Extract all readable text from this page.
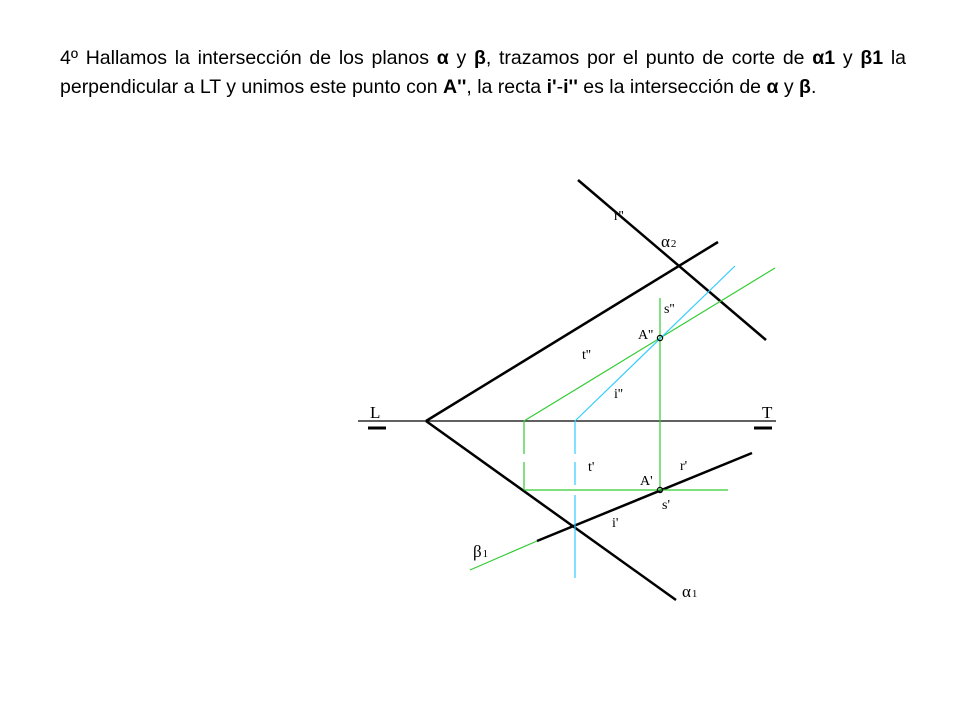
4º Hallamos la intersección de los planos α y β, trazamos por el punto de corte de α1 y β1 la perpendicular a LT y unimos este punto con A'', la recta i'-i'' es la intersección de α y β.

L	T
r''
α2
s''
A''
t''
i''
t'	r'
A'
s'
i'
β1
α1
